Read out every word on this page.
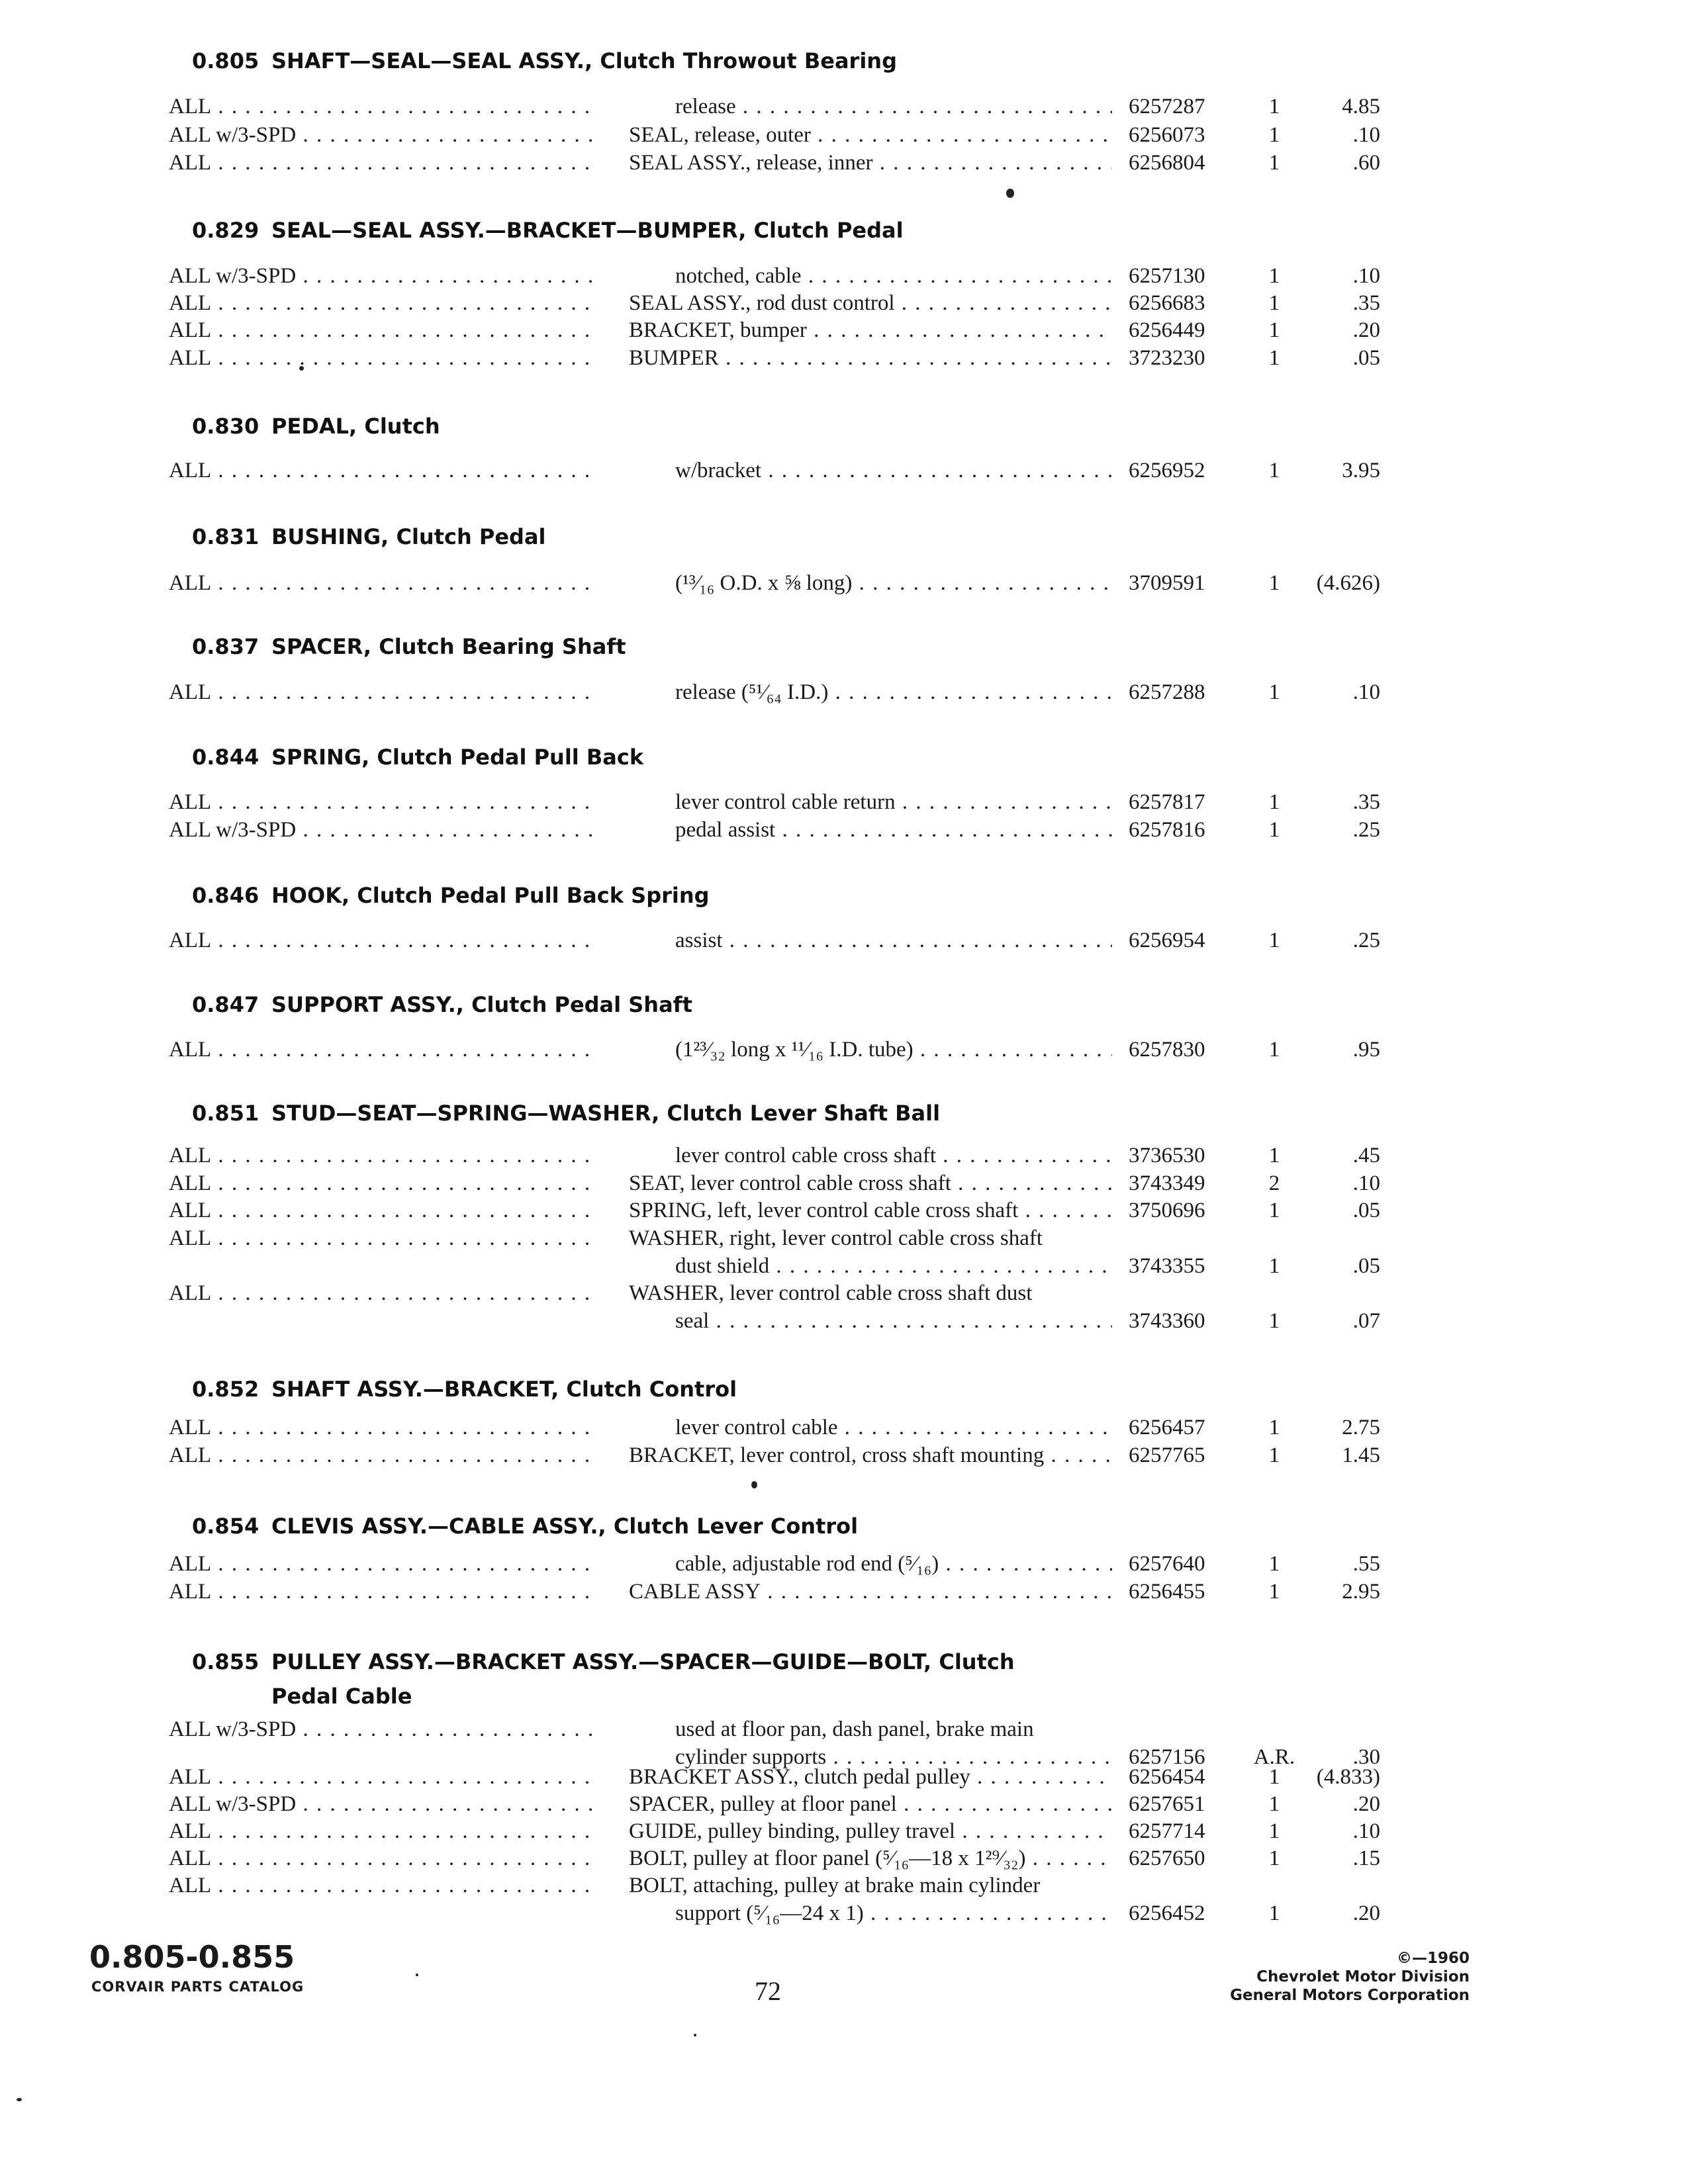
0.805 SHAFT—SEAL—SEAL ASSY., Clutch Throwout Bearing
ALL . . .	release . . .	6257287	1	4.85
ALL w/3-SPD . . .	SEAL, release, outer . . .	6256073	1	.10
ALL . . .	SEAL ASSY., release, inner . . .	6256804	1	.60
0.829 SEAL—SEAL ASSY.—BRACKET—BUMPER, Clutch Pedal
ALL w/3-SPD . . .	notched, cable . . .	6257130	1	.10
ALL . . .	SEAL ASSY., rod dust control . . .	6256683	1	.35
ALL . . .	BRACKET, bumper . . .	6256449	1	.20
ALL . . .	BUMPER . . .	3723230	1	.05
0.830 PEDAL, Clutch
ALL . . .	w/bracket . . .	6256952	1	3.95
0.831 BUSHING, Clutch Pedal
ALL . . .	(¹³⁄₁₆ O.D. x ⅝ long) . . .	3709591	1	(4.626)
0.837 SPACER, Clutch Bearing Shaft
ALL . . .	release (⁵¹⁄₆₄ I.D.) . . .	6257288	1	.10
0.844 SPRING, Clutch Pedal Pull Back
ALL . . .	lever control cable return . . .	6257817	1	.35
ALL w/3-SPD . . .	pedal assist . . .	6257816	1	.25
0.846 HOOK, Clutch Pedal Pull Back Spring
ALL . . .	assist . . .	6256954	1	.25
0.847 SUPPORT ASSY., Clutch Pedal Shaft
ALL . . .	(1²³⁄₃₂ long x ¹¹⁄₁₆ I.D. tube) . . .	6257830	1	.95
0.851 STUD—SEAT—SPRING—WASHER, Clutch Lever Shaft Ball
ALL . . .	lever control cable cross shaft . . .	3736530	1	.45
ALL . . .	SEAT, lever control cable cross shaft . . .	3743349	2	.10
ALL . . .	SPRING, left, lever control cable cross shaft . . .	3750696	1	.05
ALL . . .	WASHER, right, lever control cable cross shaft
dust shield . . .	3743355	1	.05
ALL . . .	WASHER, lever control cable cross shaft dust
seal . . .	3743360	1	.07
0.852 SHAFT ASSY.—BRACKET, Clutch Control
ALL . . .	lever control cable . . .	6256457	1	2.75
ALL . . .	BRACKET, lever control, cross shaft mounting . . .	6257765	1	1.45
0.854 CLEVIS ASSY.—CABLE ASSY., Clutch Lever Control
ALL . . .	cable, adjustable rod end (⁵⁄₁₆) . . .	6257640	1	.55
ALL . . .	CABLE ASSY . . .	6256455	1	2.95
0.855 PULLEY ASSY.—BRACKET ASSY.—SPACER—GUIDE—BOLT, Clutch
Pedal Cable
ALL w/3-SPD . . .	used at floor pan, dash panel, brake main
cylinder supports . . .	6257156	A.R.	.30
ALL . . .	BRACKET ASSY., clutch pedal pulley . . .	6256454	1	(4.833)
ALL w/3-SPD . . .	SPACER, pulley at floor panel . . .	6257651	1	.20
ALL . . .	GUIDE, pulley binding, pulley travel . . .	6257714	1	.10
ALL . . .	BOLT, pulley at floor panel (⁵⁄₁₆—18 x 1²⁹⁄₃₂) . . .	6257650	1	.15
ALL . . .	BOLT, attaching, pulley at brake main cylinder
support (⁵⁄₁₆—24 x 1) . . .	6256452	1	.20
0.805-0.855
CORVAIR PARTS CATALOG	72
©—1960
Chevrolet Motor Division
General Motors Corporation
